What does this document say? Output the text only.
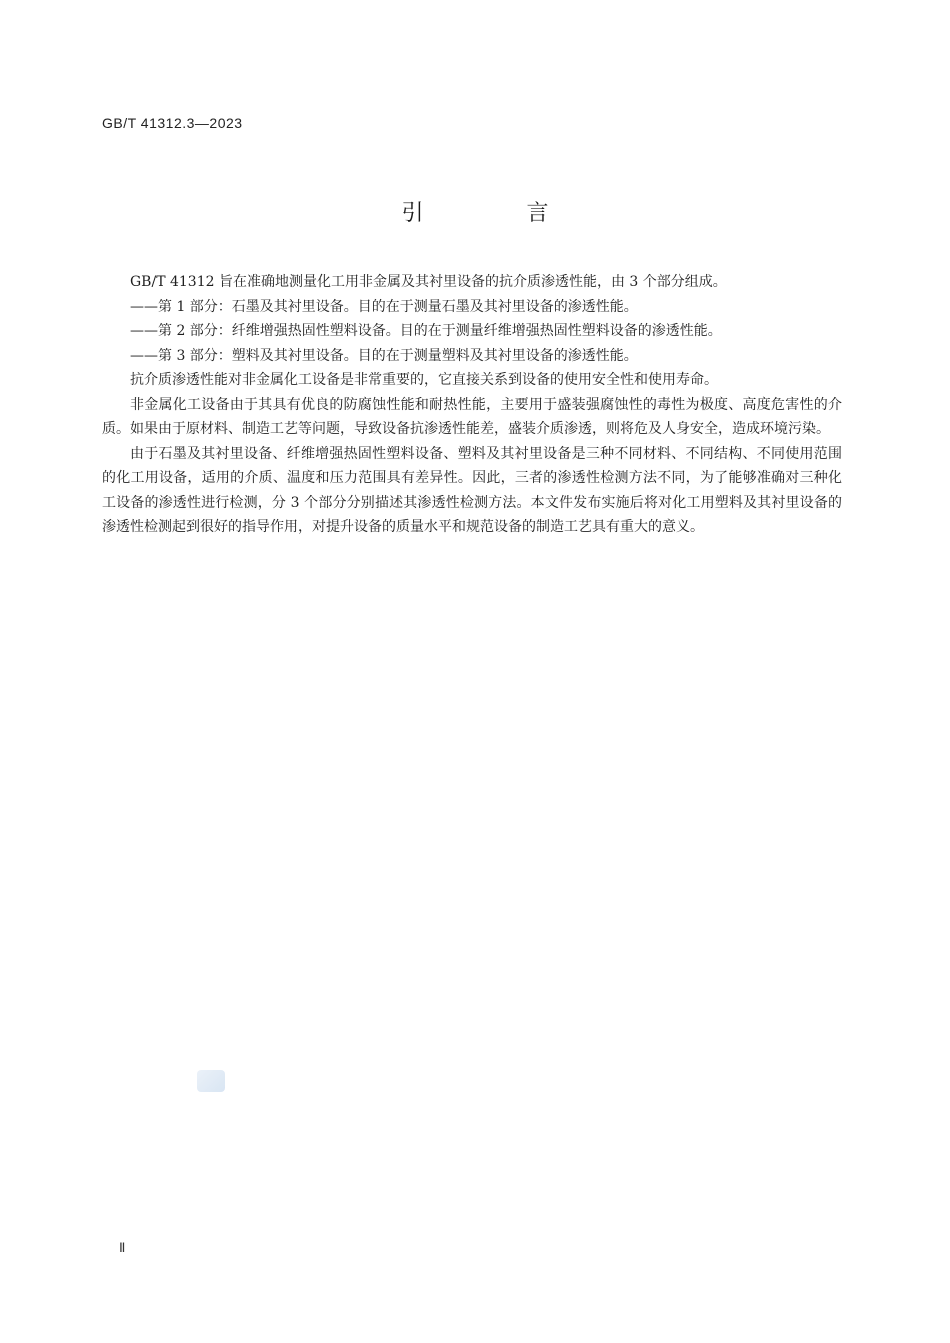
GB/T 41312.3—2023
引 言

GB/T 41312 旨在准确地测量化工用非金属及其衬里设备的抗介质渗透性能，由 3 个部分组成。

——第 1 部分：石墨及其衬里设备。目的在于测量石墨及其衬里设备的渗透性能。

——第 2 部分：纤维增强热固性塑料设备。目的在于测量纤维增强热固性塑料设备的渗透性能。

——第 3 部分：塑料及其衬里设备。目的在于测量塑料及其衬里设备的渗透性能。

抗介质渗透性能对非金属化工设备是非常重要的，它直接关系到设备的使用安全性和使用寿命。

非金属化工设备由于其具有优良的防腐蚀性能和耐热性能，主要用于盛装强腐蚀性的毒性为极度、高度危害性的介质。如果由于原材料、制造工艺等问题，导致设备抗渗透性能差，盛装介质渗透，则将危及人身安全，造成环境污染。

由于石墨及其衬里设备、纤维增强热固性塑料设备、塑料及其衬里设备是三种不同材料、不同结构、不同使用范围的化工用设备，适用的介质、温度和压力范围具有差异性。因此，三者的渗透性检测方法不同，为了能够准确对三种化工设备的渗透性进行检测，分 3 个部分分别描述其渗透性检测方法。本文件发布实施后将对化工用塑料及其衬里设备的渗透性检测起到很好的指导作用，对提升设备的质量水平和规范设备的制造工艺具有重大的意义。

Ⅱ
